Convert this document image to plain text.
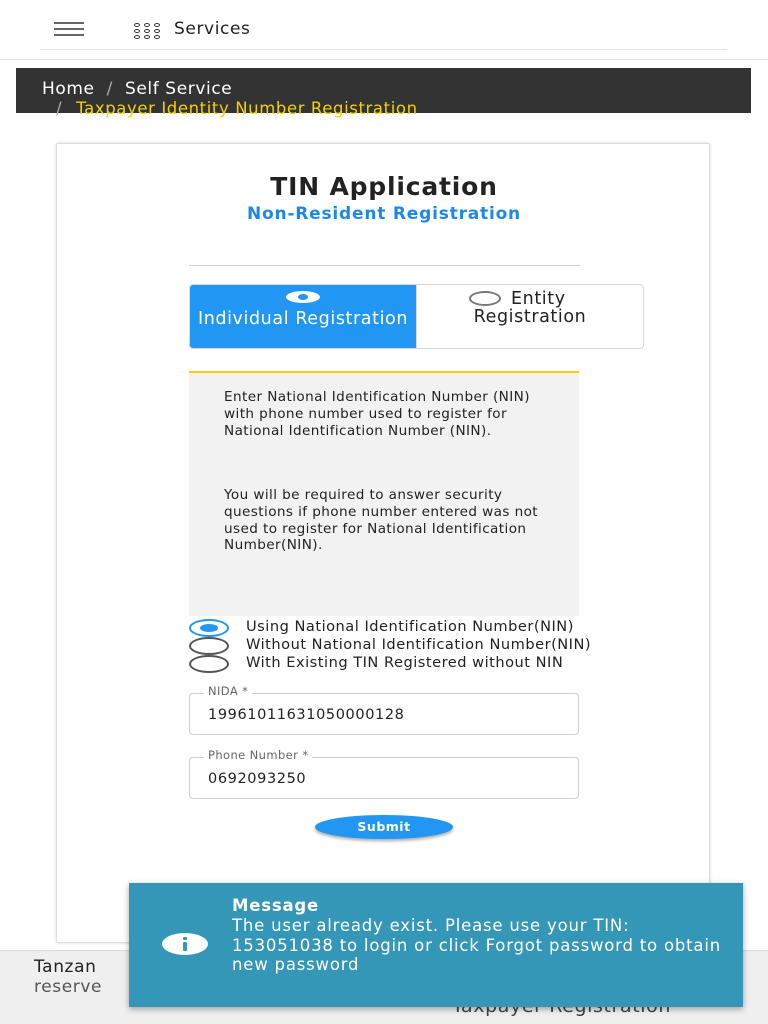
Services
Home / Self Service
/ Taxpayer Identity Number Registration
TIN Application
Non-Resident Registration
Individual Registration
Entity
Registration

Enter National Identification Number (NIN) with phone number used to register for National Identification Number (NIN).

You will be required to answer security questions if phone number entered was not used to register for National Identification Number(NIN).

Using National Identification Number(NIN)
Without National Identification Number(NIN)
With Existing TIN Registered without NIN
NIDA *
19961011631050000128
Phone Number *
0692093250
Submit
Tanzan
reserve
Message
The user already exist. Please use your TIN: 153051038 to login or click Forgot password to obtain new password
